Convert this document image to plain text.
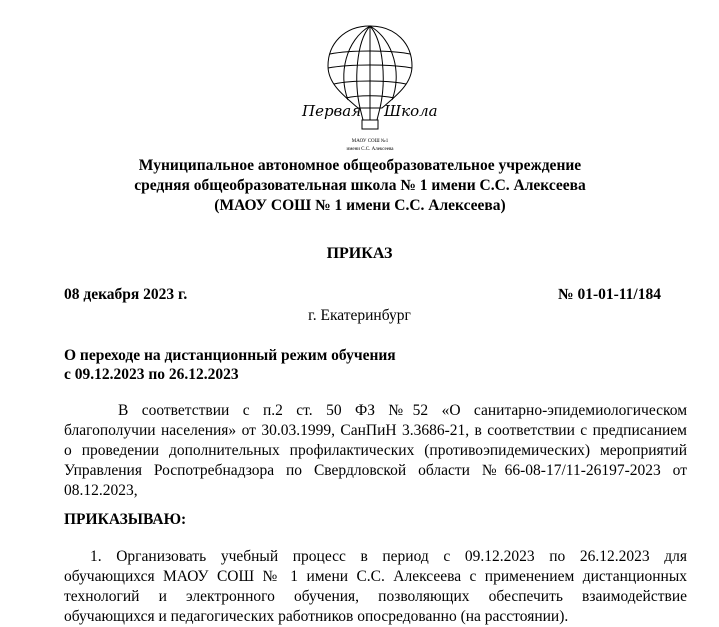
Первая Школа
МАОУ СОШ №1
имени С.С. Алексеева
Муниципальное автономное общеобразовательное учреждение
средняя общеобразовательная школа № 1 имени С.С. Алексеева
(МАОУ СОШ № 1 имени С.С. Алексеева)
ПРИКАЗ
08 декабря 2023 г.	№ 01-01-11/184
г. Екатеринбург
О переходе на дистанционный режим обучения
с 09.12.2023 по 26.12.2023
В соответствии с п.2 ст. 50 ФЗ №52 «О санитарно-эпидемиологическом
благополучии населения» от 30.03.1999, СанПиН 3.3686-21, в соответствии с предписанием
о проведении дополнительных профилактических (противоэпидемических) мероприятий
Управления Роспотребнадзора по Свердловской области №66-08-17/11-26197-2023 от
08.12.2023,
ПРИКАЗЫВАЮ:
1. Организовать учебный процесс в период с 09.12.2023 по 26.12.2023 для
обучающихся МАОУ СОШ № 1 имени С.С. Алексеева с применением дистанционных
технологий и электронного обучения, позволяющих обеспечить взаимодействие
обучающихся и педагогических работников опосредованно (на расстоянии).
